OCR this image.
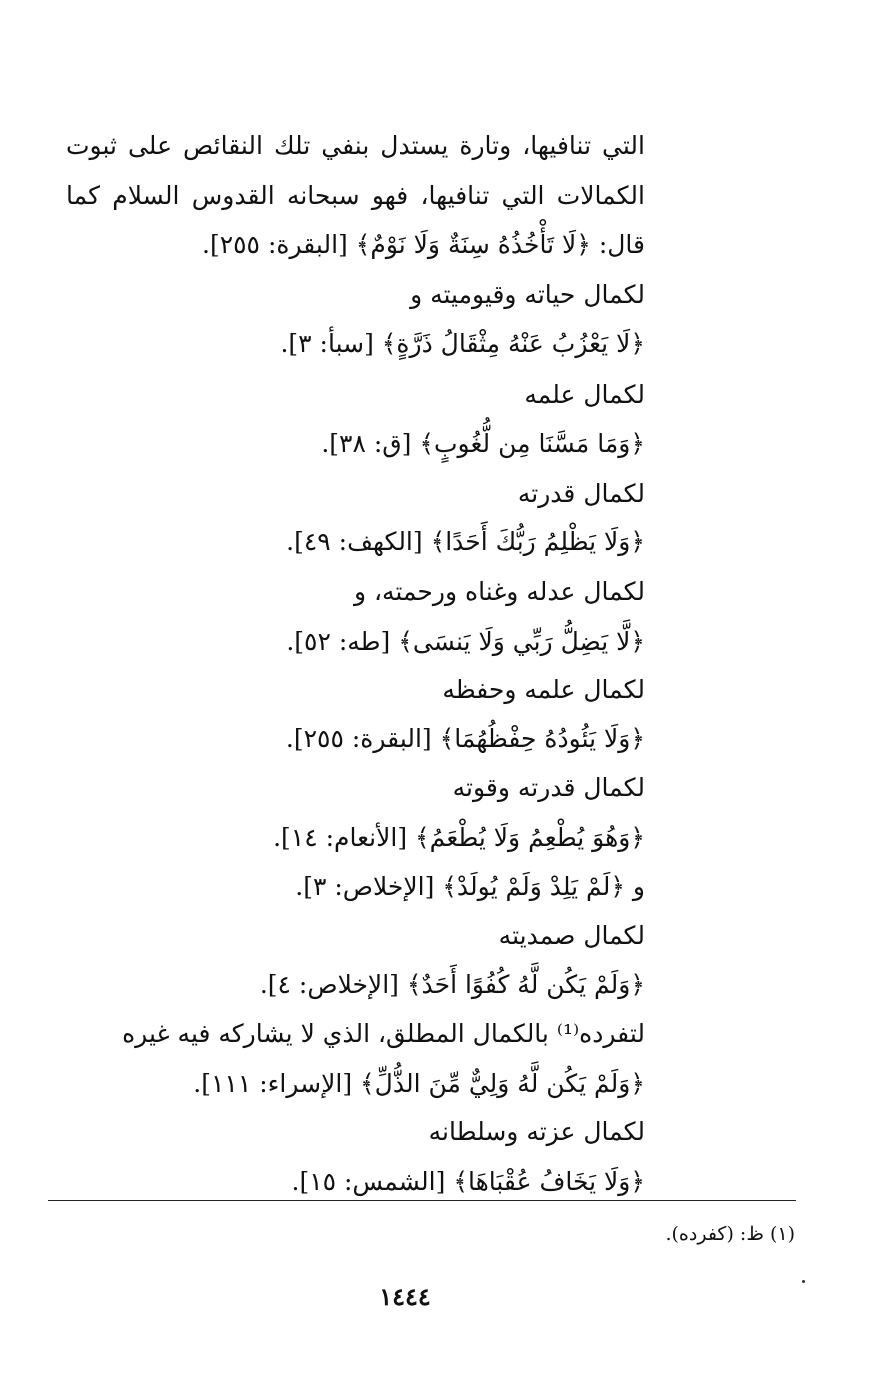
التي تنافيها، وتارة يستدل بنفي تلك النقائص على ثبوت
الكمالات التي تنافيها، فهو سبحانه القدوس السلام كما
قال: ﴿لَا تَأْخُذُهُ سِنَةٌ وَلَا نَوْمٌ﴾ [البقرة: ٢٥٥].
لكمال حياته وقيوميته و
﴿لَا يَعْزُبُ عَنْهُ مِثْقَالُ ذَرَّةٍ﴾ [سبأ: ٣].
لكمال علمه
﴿وَمَا مَسَّنَا مِن لُّغُوبٍ﴾ [ق: ٣٨].
لكمال قدرته
﴿وَلَا يَظْلِمُ رَبُّكَ أَحَدًا﴾ [الكهف: ٤٩].
لكمال عدله وغناه ورحمته، و
﴿لَّا يَضِلُّ رَبِّي وَلَا يَنسَى﴾ [طه: ٥٢].
لكمال علمه وحفظه
﴿وَلَا يَئُودُهُ حِفْظُهُمَا﴾ [البقرة: ٢٥٥].
لكمال قدرته وقوته
﴿وَهُوَ يُطْعِمُ وَلَا يُطْعَمُ﴾ [الأنعام: ١٤].
و ﴿لَمْ يَلِدْ وَلَمْ يُولَدْ﴾ [الإخلاص: ٣].
لكمال صمديته
﴿وَلَمْ يَكُن لَّهُ كُفُوًا أَحَدٌ﴾ [الإخلاص: ٤].
لتفرده⁽¹⁾ بالكمال المطلق، الذي لا يشاركه فيه غيره
﴿وَلَمْ يَكُن لَّهُ وَلِيٌّ مِّنَ الذُّلِّ﴾ [الإسراء: ١١١].
لكمال عزته وسلطانه
﴿وَلَا يَخَافُ عُقْبَاهَا﴾ [الشمس: ١٥].
(١) ظ: (كفرده).
١٤٤٤
